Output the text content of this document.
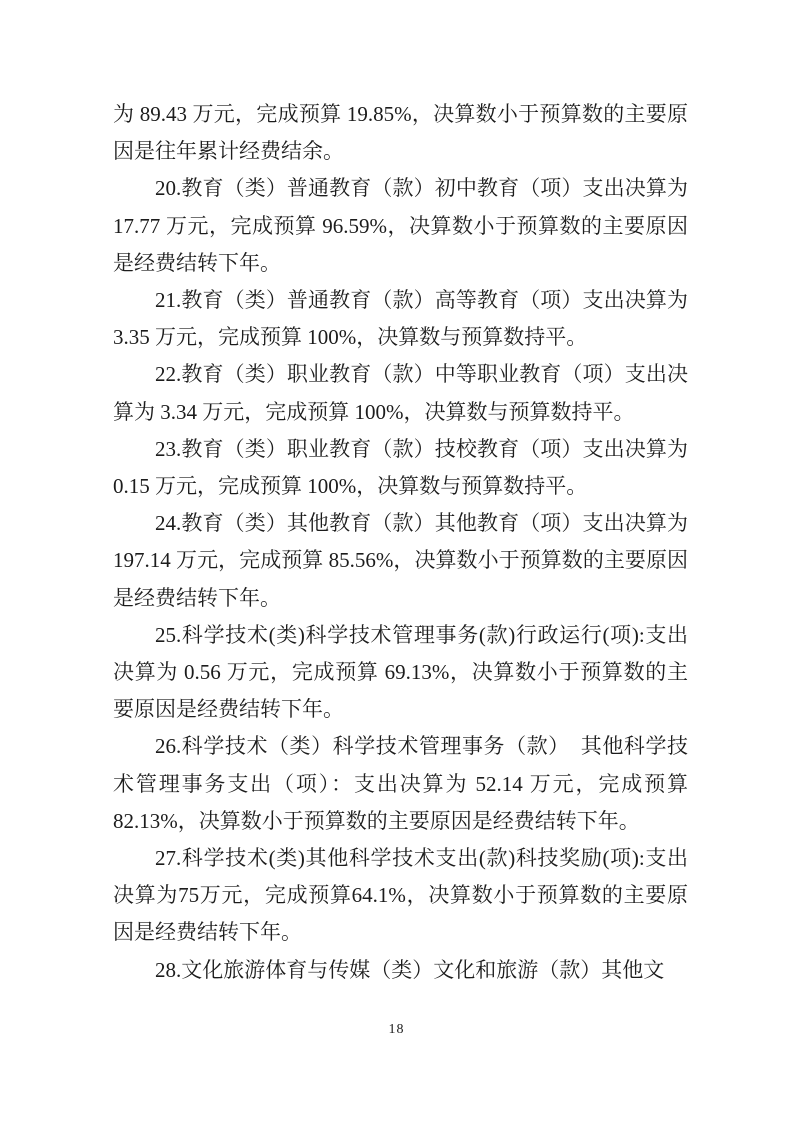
为 89.43 万元，完成预算 19.85%，决算数小于预算数的主要原因是往年累计经费结余。

20.教育（类）普通教育（款）初中教育（项）支出决算为 17.77 万元，完成预算 96.59%，决算数小于预算数的主要原因是经费结转下年。

21.教育（类）普通教育（款）高等教育（项）支出决算为 3.35 万元，完成预算 100%，决算数与预算数持平。

22.教育（类）职业教育（款）中等职业教育（项）支出决算为 3.34 万元，完成预算 100%，决算数与预算数持平。

23.教育（类）职业教育（款）技校教育（项）支出决算为 0.15 万元，完成预算 100%，决算数与预算数持平。

24.教育（类）其他教育（款）其他教育（项）支出决算为 197.14 万元，完成预算 85.56%，决算数小于预算数的主要原因是经费结转下年。

25.科学技术(类)科学技术管理事务(款)行政运行(项):支出决算为 0.56 万元，完成预算 69.13%，决算数小于预算数的主要原因是经费结转下年。

26.科学技术（类）科学技术管理事务（款）　其他科学技术管理事务支出（项）：支出决算为 52.14 万元，完成预算 82.13%，决算数小于预算数的主要原因是经费结转下年。

27.科学技术(类)其他科学技术支出(款)科技奖励(项):支出决算为75万元，完成预算64.1%，决算数小于预算数的主要原因是经费结转下年。

28.文化旅游体育与传媒（类）文化和旅游（款）其他文

18
